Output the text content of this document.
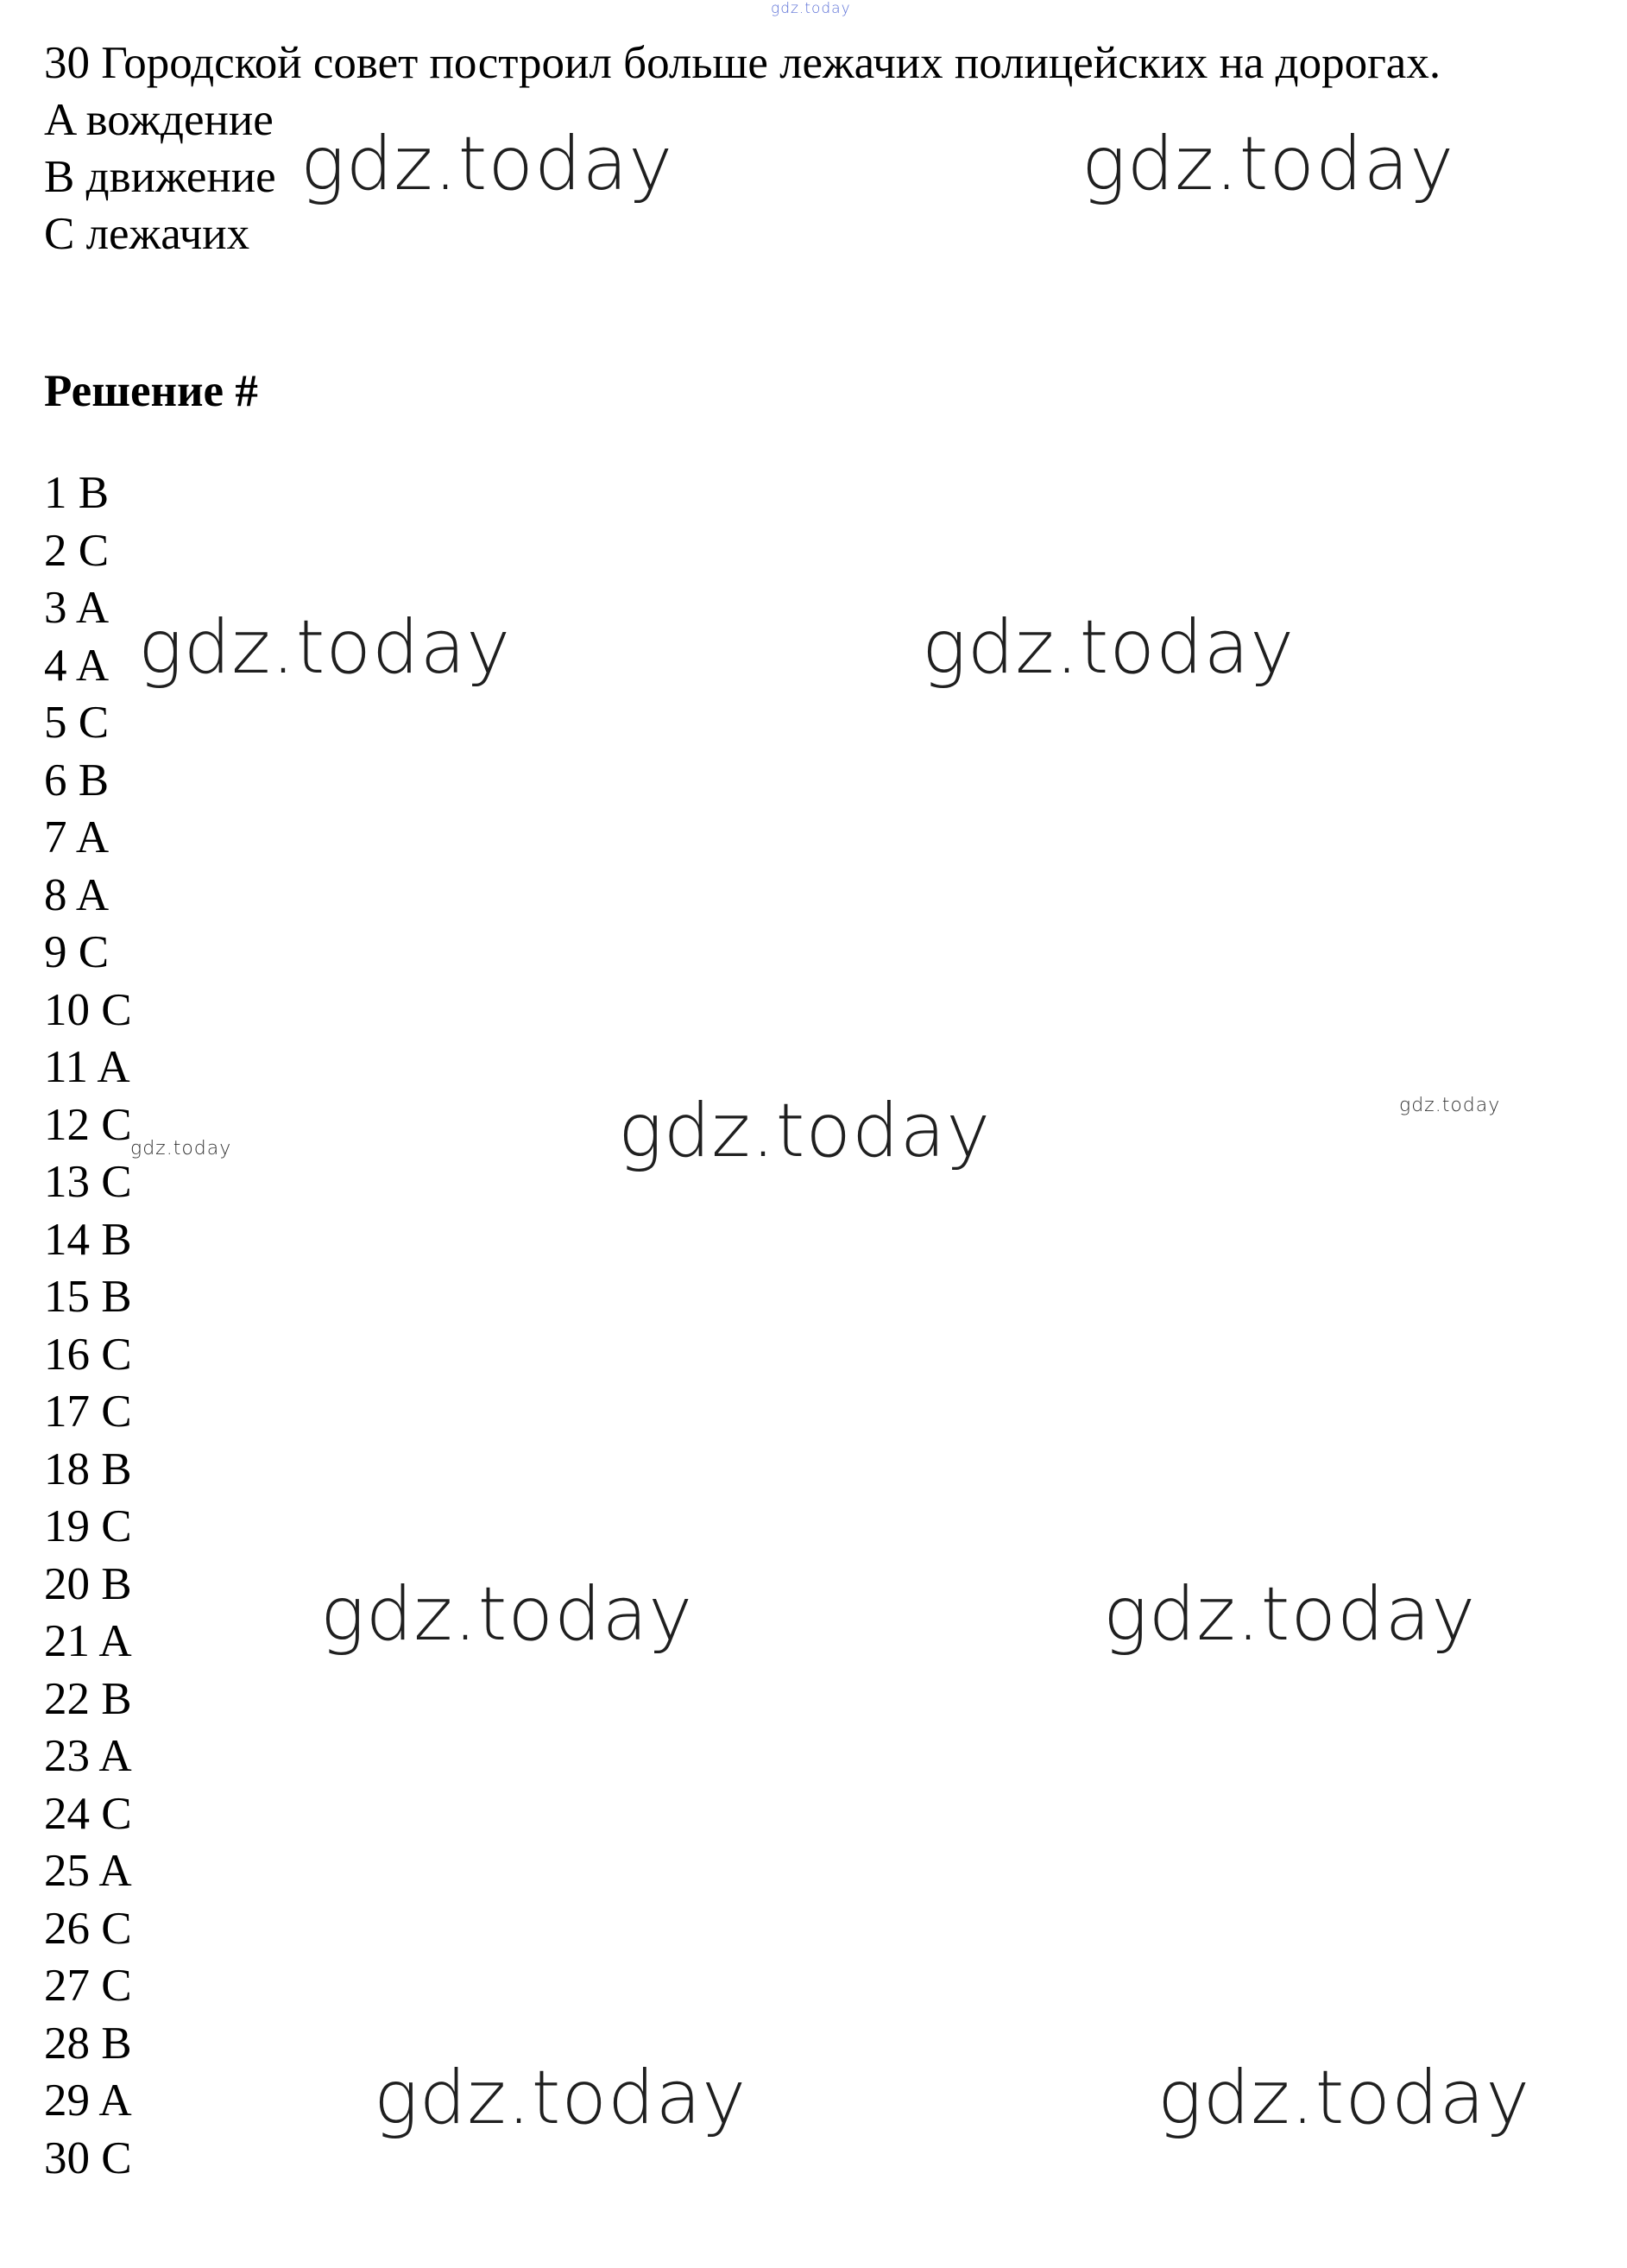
gdz.today
30 Городской совет построил больше лежачих полицейских на дорогах.
A вождение
B движение
C лежачих
Решение #
1 B
2 C
3 A
4 A
5 C
6 B
7 A
8 A
9 C
10 C
11 A
12 C
13 C
14 B
15 B
16 C
17 C
18 B
19 C
20 B
21 A
22 B
23 A
24 C
25 A
26 C
27 C
28 B
29 A
30 C
gdz.today	gdz.today
gdz.today	gdz.today
gdz.today
gdz.today	gdz.today
gdz.today	gdz.today
gdz.today
gdz.today
